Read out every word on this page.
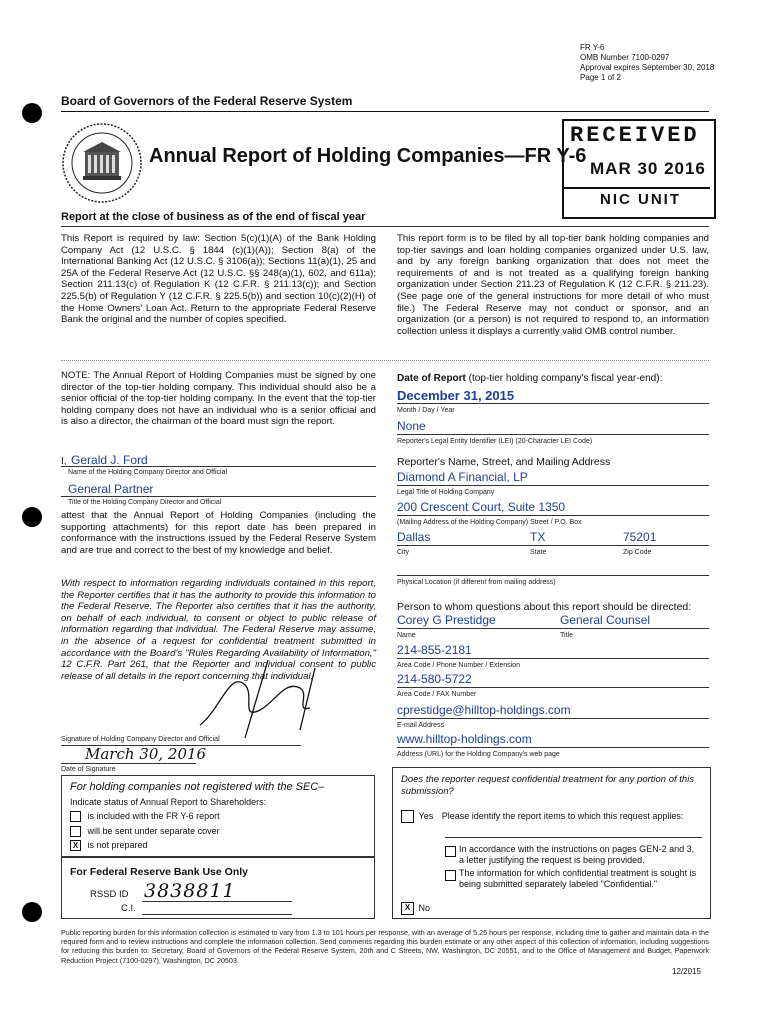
FR Y-6
OMB Number 7100-0297
Approval expires September 30, 2018
Page 1 of 2
Board of Governors of the Federal Reserve System
Annual Report of Holding Companies—FR Y-6
RECEIVED
MAR 30 2016
NIC UNIT
Report at the close of business as of the end of fiscal year
This Report is required by law: Section 5(c)(1)(A) of the Bank Holding Company Act (12 U.S.C. § 1844 (c)(1)(A)); Section 8(a) of the International Banking Act (12 U.S.C. § 3106(a)); Sections 11(a)(1), 25 and 25A of the Federal Reserve Act (12 U.S.C. §§ 248(a)(1), 602, and 611a); Section 211.13(c) of Regulation K (12 C.F.R. § 211.13(c)); and Section 225.5(b) of Regulation Y (12 C.F.R. § 225.5(b)) and section 10(c)(2)(H) of the Home Owners' Loan Act. Return to the appropriate Federal Reserve Bank the original and the number of copies specified.
This report form is to be filed by all top-tier bank holding companies and top-tier savings and loan holding companies organized under U.S. law, and by any foreign banking organization that does not meet the requirements of and is not treated as a qualifying foreign banking organization under Section 211.23 of Regulation K (12 C.F.R. § 211.23). (See page one of the general instructions for more detail of who must file.) The Federal Reserve may not conduct or sponsor, and an organization (or a person) is not required to respond to, an information collection unless it displays a currently valid OMB control number.
NOTE: The Annual Report of Holding Companies must be signed by one director of the top-tier holding company. This individual should also be a senior official of the top-tier holding company. In the event that the top-tier holding company does not have an individual who is a senior official and is also a director, the chairman of the board must sign the report.
I, Gerald J. Ford
Name of the Holding Company Director and Official
General Partner
Title of the Holding Company Director and Official
attest that the Annual Report of Holding Companies (including the supporting attachments) for this report date has been prepared in conformance with the instructions issued by the Federal Reserve System and are true and correct to the best of my knowledge and belief.
With respect to information regarding individuals contained in this report, the Reporter certifies that it has the authority to provide this information to the Federal Reserve. The Reporter also certifies that it has the authority, on behalf of each individual, to consent or object to public release of information regarding that individual. The Federal Reserve may assume, in the absence of a request for confidential treatment submitted in accordance with the Board's "Rules Regarding Availability of Information," 12 C.F.R. Part 261, that the Reporter and individual consent to public release of all details in the report concerning that individual.
Signature of Holding Company Director and Official
March 30, 2016
Date of Signature
For holding companies not registered with the SEC–
Indicate status of Annual Report to Shareholders:
is included with the FR Y-6 report
will be sent under separate cover
X is not prepared
For Federal Reserve Bank Use Only
RSSD ID 3838811
C.I.
Date of Report (top-tier holding company's fiscal year-end):
December 31, 2015
Month / Day / Year
None
Reporter's Legal Entity Identifier (LEI) (20-Character LEI Code)
Reporter's Name, Street, and Mailing Address
Diamond A Financial, LP
Legal Title of Holding Company
200 Crescent Court, Suite 1350
(Mailing Address of the Holding Company) Street / P.O. Box
Dallas	TX	75201
City	State	Zip Code
Physical Location (if different from mailing address)
Person to whom questions about this report should be directed:
Corey G Prestidge	General Counsel
Name	Title
214-855-2181
Area Code / Phone Number / Extension
214-580-5722
Area Code / FAX Number
cprestidge@hilltop-holdings.com
E-mail Address
www.hilltop-holdings.com
Address (URL) for the Holding Company's web page
Does the reporter request confidential treatment for any portion of this submission?
Yes Please identify the report items to which this request applies:
In accordance with the instructions on pages GEN-2 and 3, a letter justifying the request is being provided.
The information for which confidential treatment is sought is being submitted separately labeled "Confidential."
X No
Public reporting burden for this information collection is estimated to vary from 1.3 to 101 hours per response, with an average of 5.25 hours per response, including time to gather and maintain data in the required form and to review instructions and complete the information collection. Send comments regarding this burden estimate or any other aspect of this collection of information, including suggestions for reducing this burden to: Secretary, Board of Governors of the Federal Reserve System, 20th and C Streets, NW, Washington, DC 20551, and to the Office of Management and Budget, Paperwork Reduction Project (7100-0297), Washington, DC 20503.
12/2015
